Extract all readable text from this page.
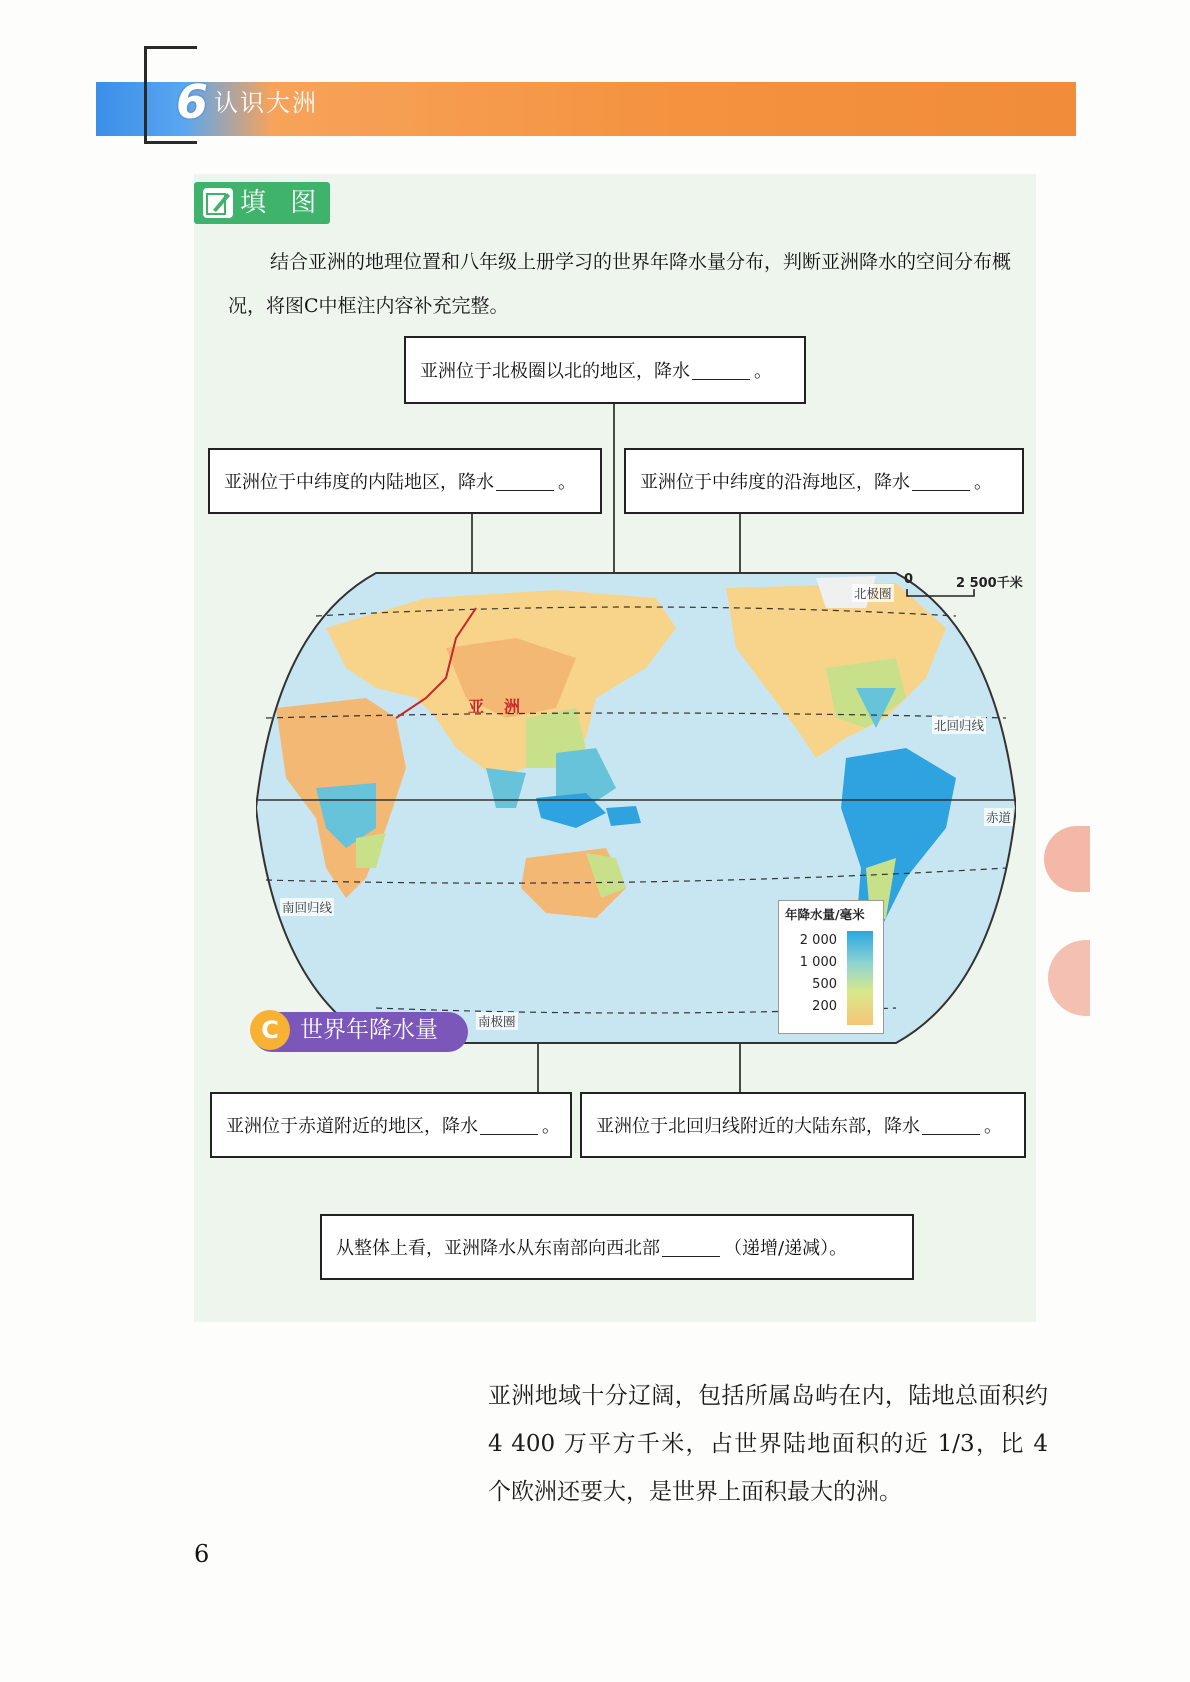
6 认识大洲
填 图
结合亚洲的地理位置和八年级上册学习的世界年降水量分布，判断亚洲降水的空间分布概况，将图C中框注内容补充完整。
亚洲位于北极圈以北的地区，降水	。
亚洲位于中纬度的内陆地区，降水	。	亚洲位于中纬度的沿海地区，降水	。
亚　洲
北极圈
北回归线
赤道
南回归线
南极圈
0	2 500千米
年降水量/毫米
2 000
1 000
500
200
C 世界年降水量
亚洲位于赤道附近的地区，降水	。 亚洲位于北回归线附近的大陆东部，降水	。
从整体上看，亚洲降水从东南部向西北部	（递增/递减）。
亚洲地域十分辽阔，包括所属岛屿在内，陆地总面积约 4 400 万平方千米，占世界陆地面积的近 1/3，比 4 个欧洲还要大，是世界上面积最大的洲。
6
